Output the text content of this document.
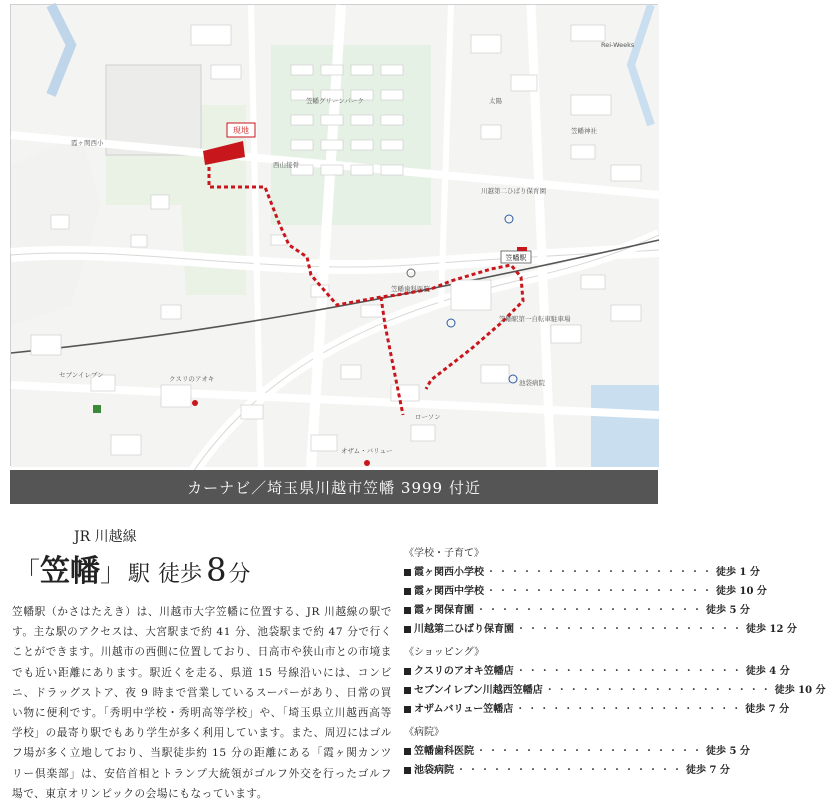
現地
笠幡駅
笠幡グリーンパーク
霞ヶ関西小
西山接骨
セブンイレブン	クスリのアオキ
オザム・バリュー
ローソン
池袋病院
笠幡歯科医院
笠幡神社
Rei-Weeks
川越第二ひばり保育園
太陽
笠幡駅第一自転車駐車場
カーナビ／埼玉県川越市笠幡 3999 付近
JR 川越線
「 笠幡 」 駅 徒歩 8 分

笠幡駅（かさはたえき）は、川越市大字笠幡に位置する、JR 川越線の駅です。主な駅のアクセスは、大宮駅まで約 41 分、池袋駅まで約 47 分で行くことができます。川越市の西側に位置しており、日高市や狭山市との市境までも近い距離にあります。駅近くを走る、県道 15 号線沿いには、コンビニ、ドラッグストア、夜 9 時まで営業しているスーパーがあり、日常の買い物に便利です。「秀明中学校・秀明高等学校」や、「埼玉県立川越西高等学校」の最寄り駅でもあり学生が多く利用しています。また、周辺にはゴルフ場が多く立地しており、当駅徒歩約 15 分の距離にある「霞ヶ関カンツリー倶楽部」は、安倍首相とトランプ大統領がゴルフ外交を行ったゴルフ場で、東京オリンピックの会場にもなっています。

《学校・子育て》
霞ヶ関西小学校 ・・・・・・・・・・・・・・・・・・・ 徒歩 1 分
霞ヶ関西中学校 ・・・・・・・・・・・・・・・・・・・ 徒歩 10 分
霞ヶ関保育園 ・・・・・・・・・・・・・・・・・・・ 徒歩 5 分
川越第二ひばり保育園 ・・・・・・・・・・・・・・・・・・・ 徒歩 12 分
《ショッピング》
クスリのアオキ笠幡店 ・・・・・・・・・・・・・・・・・・・ 徒歩 4 分
セブンイレブン川越西笠幡店 ・・・・・・・・・・・・・・・・・・・ 徒歩 10 分
オザムバリュー笠幡店 ・・・・・・・・・・・・・・・・・・・ 徒歩 7 分
《病院》
笠幡歯科医院 ・・・・・・・・・・・・・・・・・・・ 徒歩 5 分
池袋病院 ・・・・・・・・・・・・・・・・・・・ 徒歩 7 分
